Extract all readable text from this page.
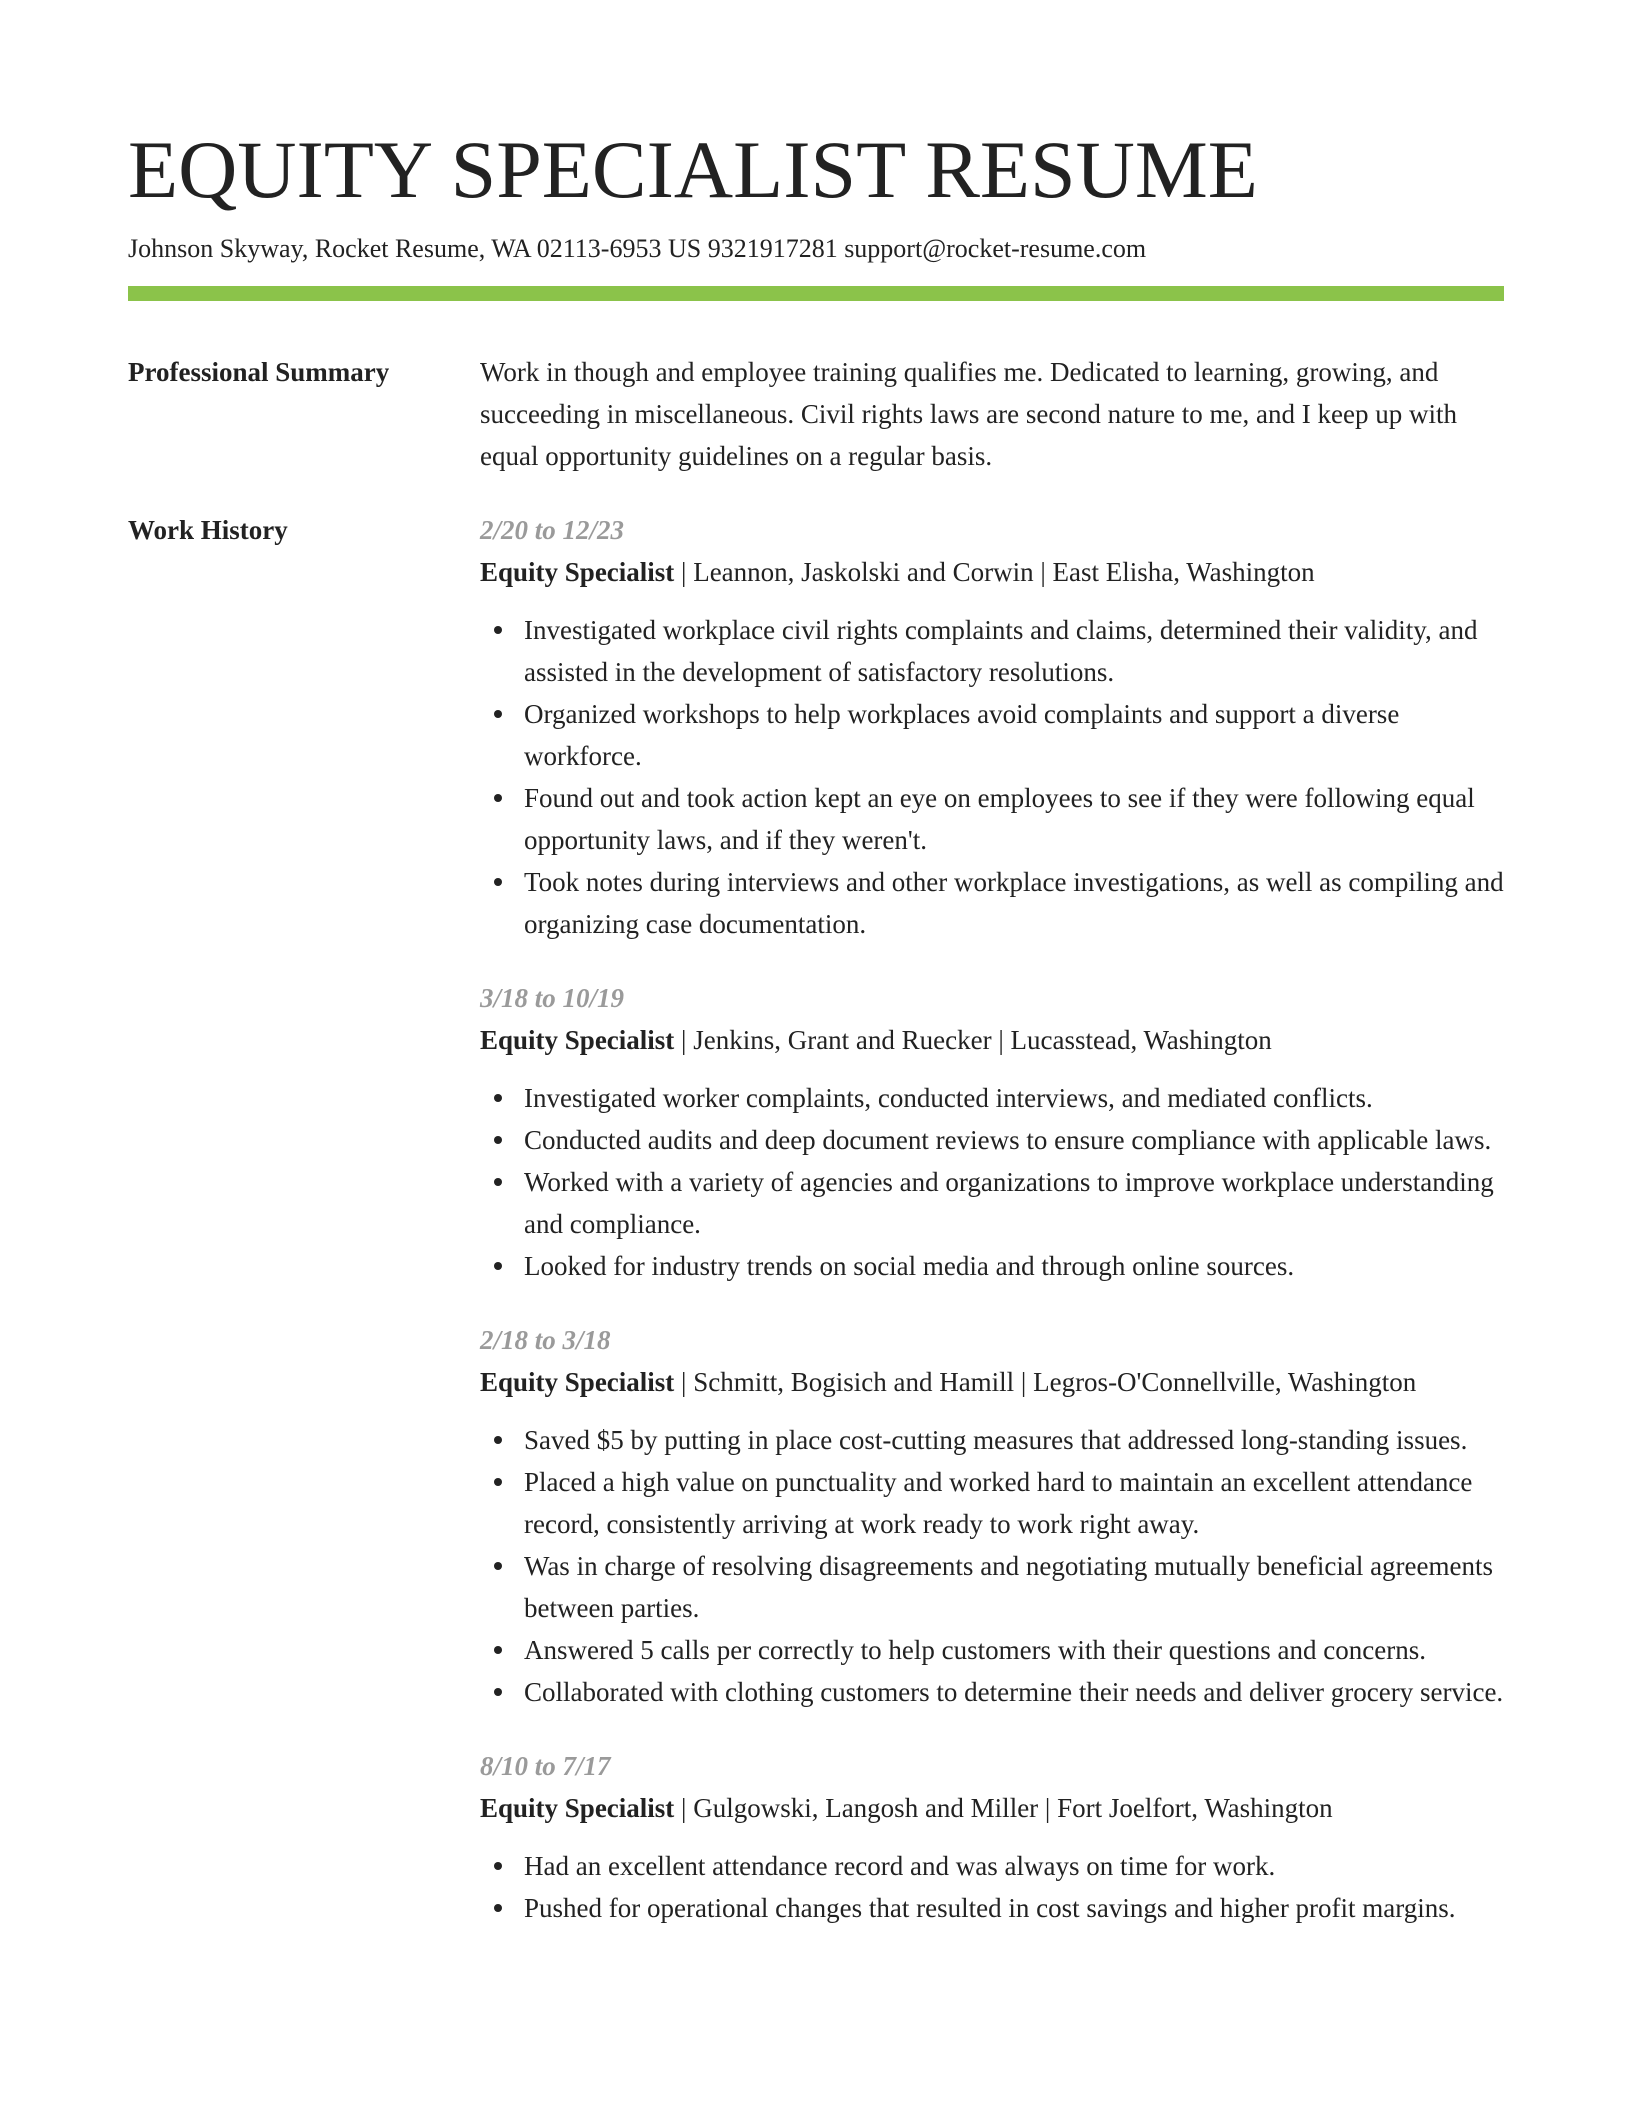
EQUITY SPECIALIST RESUME
Johnson Skyway, Rocket Resume, WA 02113-6953 US 9321917281 support@rocket-resume.com
Professional Summary	Work in though and employee training qualifies me. Dedicated to learning, growing, and succeeding in miscellaneous. Civil rights laws are second nature to me, and I keep up with equal opportunity guidelines on a regular basis.

Work History	2/20 to 12/23
Equity Specialist | Leannon, Jaskolski and Corwin | East Elisha, Washington
Investigated workplace civil rights complaints and claims, determined their validity, and assisted in the development of satisfactory resolutions.
Organized workshops to help workplaces avoid complaints and support a diverse workforce.
Found out and took action kept an eye on employees to see if they were following equal opportunity laws, and if they weren't.
Took notes during interviews and other workplace investigations, as well as compiling and organizing case documentation.
3/18 to 10/19
Equity Specialist | Jenkins, Grant and Ruecker | Lucasstead, Washington
Investigated worker complaints, conducted interviews, and mediated conflicts.
Conducted audits and deep document reviews to ensure compliance with applicable laws.
Worked with a variety of agencies and organizations to improve workplace understanding and compliance.
Looked for industry trends on social media and through online sources.
2/18 to 3/18
Equity Specialist | Schmitt, Bogisich and Hamill | Legros-O'Connellville, Washington
Saved $5 by putting in place cost-cutting measures that addressed long-standing issues.
Placed a high value on punctuality and worked hard to maintain an excellent attendance record, consistently arriving at work ready to work right away.
Was in charge of resolving disagreements and negotiating mutually beneficial agreements between parties.
Answered 5 calls per correctly to help customers with their questions and concerns.
Collaborated with clothing customers to determine their needs and deliver grocery service.
8/10 to 7/17
Equity Specialist | Gulgowski, Langosh and Miller | Fort Joelfort, Washington
Had an excellent attendance record and was always on time for work.
Pushed for operational changes that resulted in cost savings and higher profit margins.
